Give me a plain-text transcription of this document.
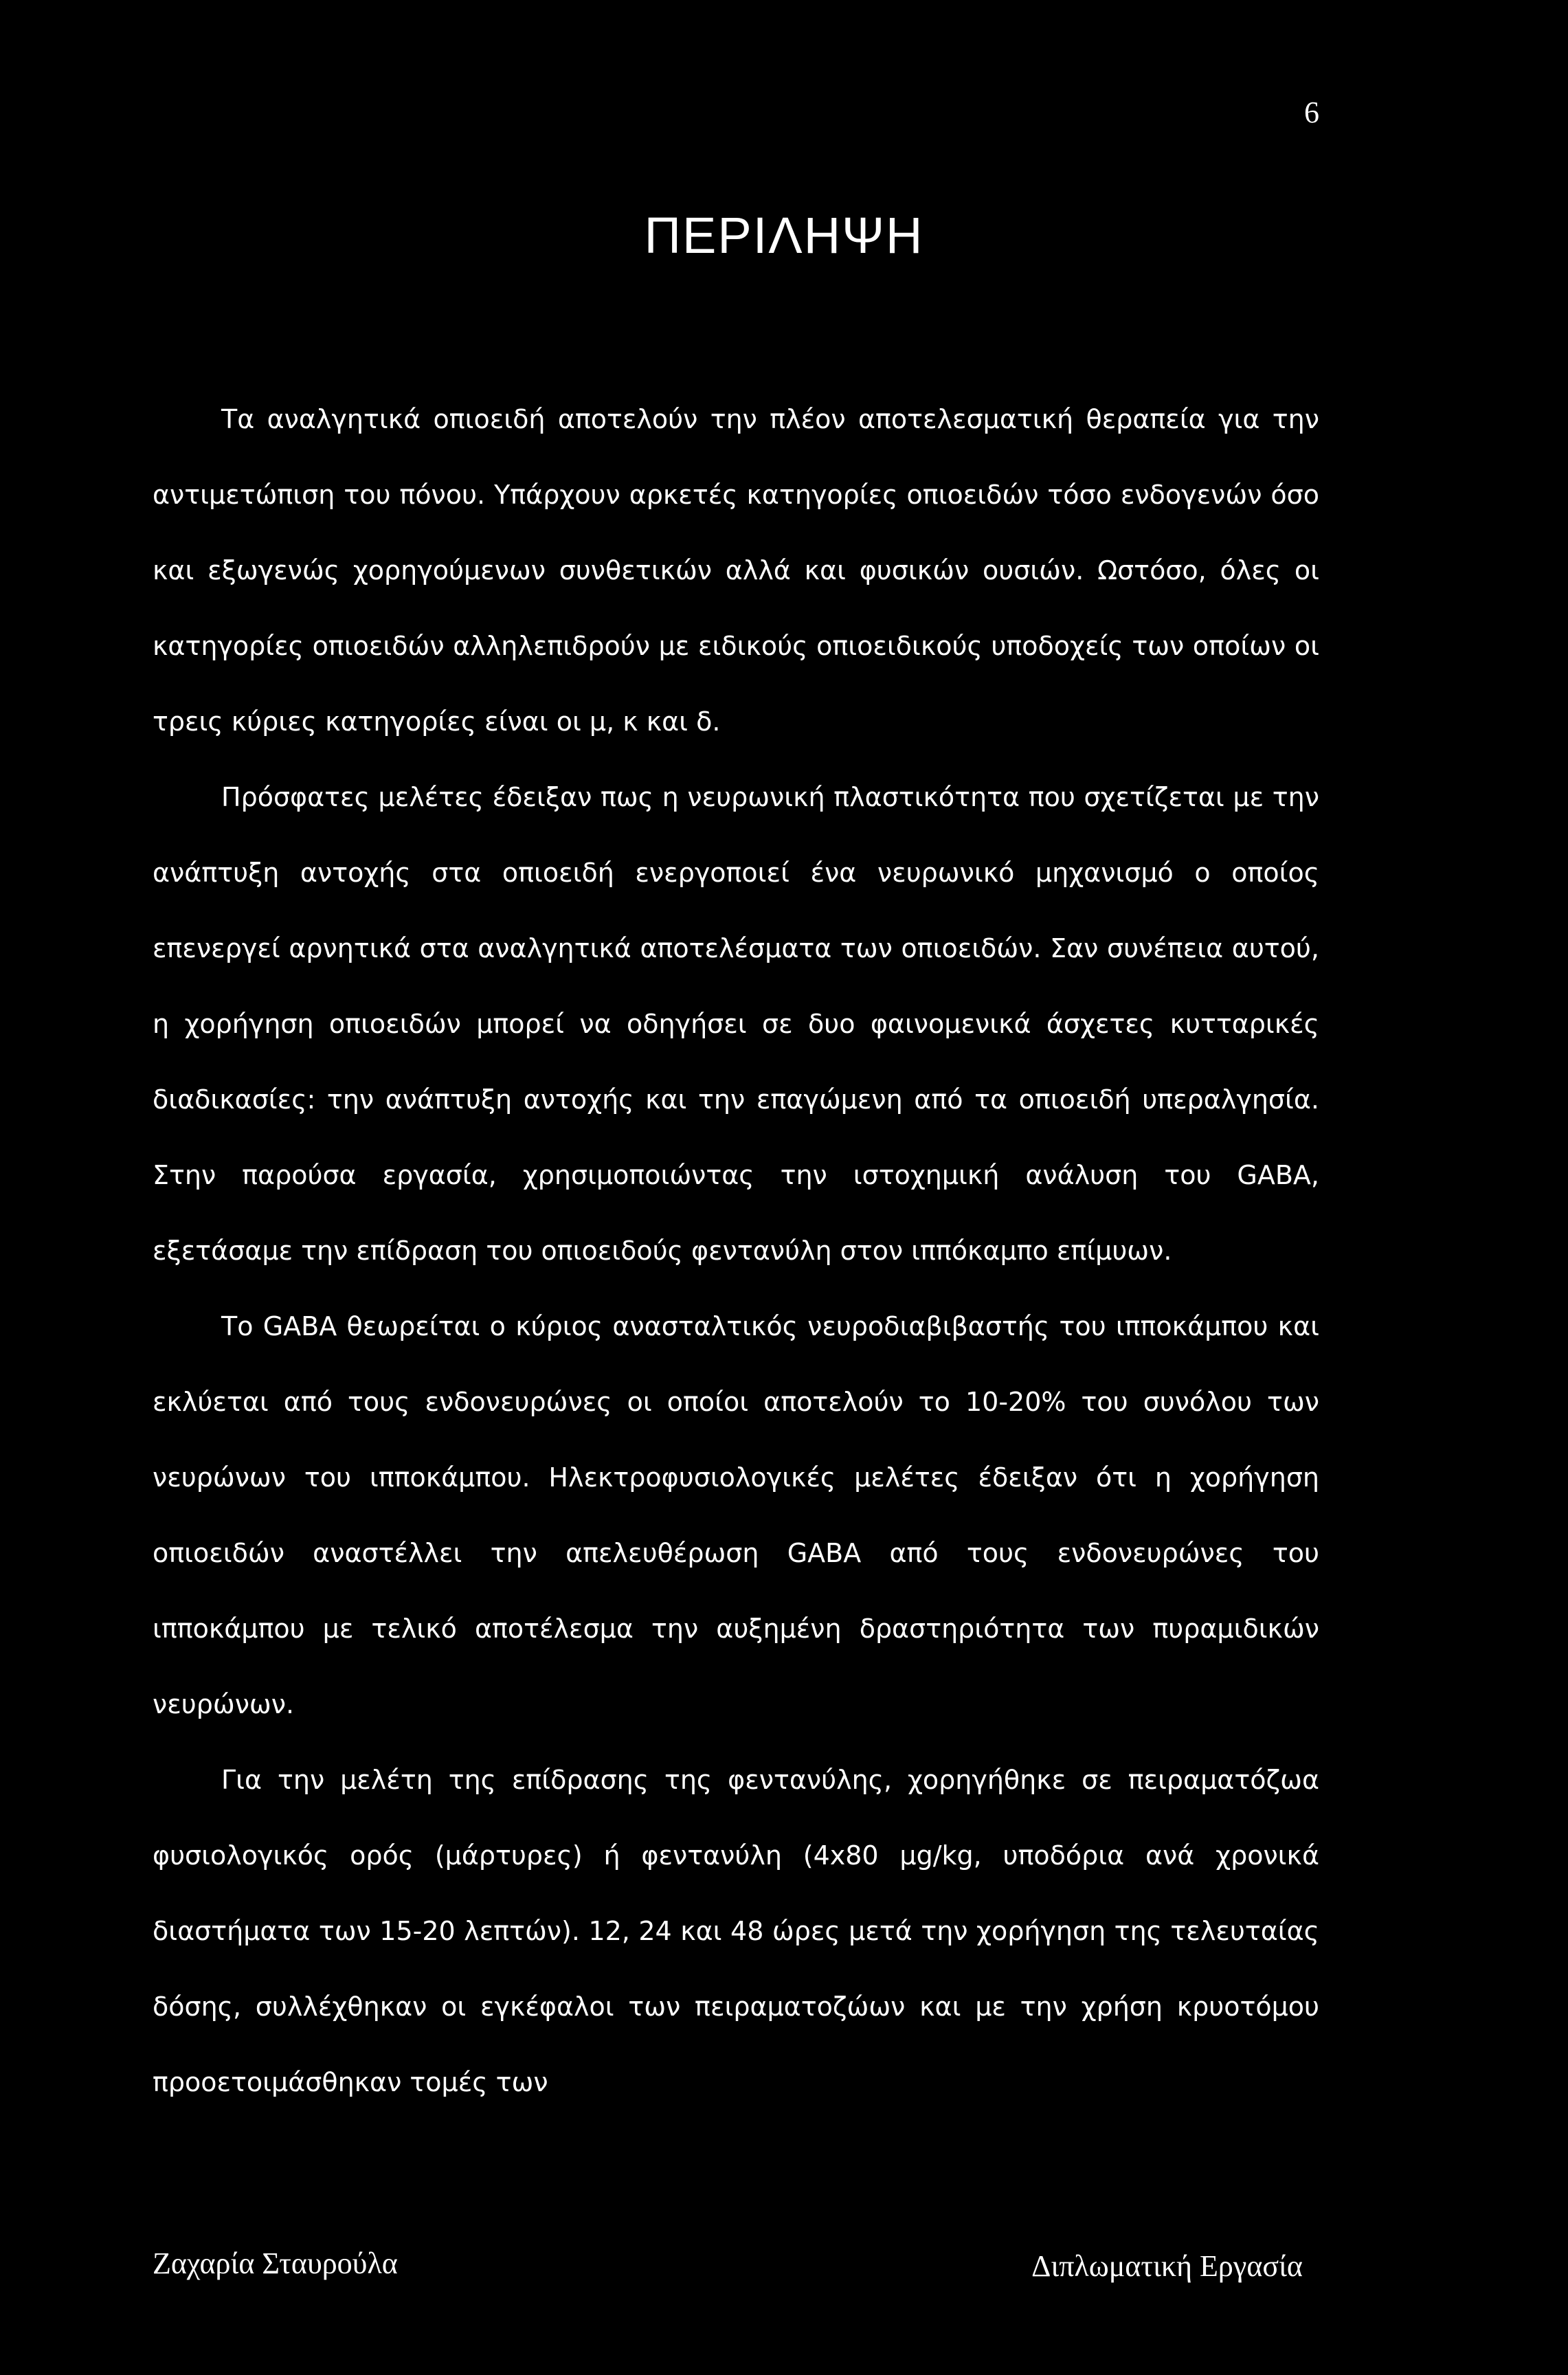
6
ΠΕΡΙΛΗΨΗ

Τα αναλγητικά οπιοειδή αποτελούν την πλέον αποτελεσματική θεραπεία για την αντιμετώπιση του πόνου. Υπάρχουν αρκετές κατηγορίες οπιοειδών τόσο ενδογενών όσο και εξωγενώς χορηγούμενων συνθετικών αλλά και φυσικών ουσιών. Ωστόσο, όλες οι κατηγορίες οπιοειδών αλληλεπιδρούν με ειδικούς οπιοειδικούς υποδοχείς των οποίων οι τρεις κύριες κατηγορίες είναι οι μ, κ και δ.

Πρόσφατες μελέτες έδειξαν πως η νευρωνική πλαστικότητα που σχετίζεται με την ανάπτυξη αντοχής στα οπιοειδή ενεργοποιεί ένα νευρωνικό μηχανισμό ο οποίος επενεργεί αρνητικά στα αναλγητικά αποτελέσματα των οπιοειδών. Σαν συνέπεια αυτού, η χορήγηση οπιοειδών μπορεί να οδηγήσει σε δυο φαινομενικά άσχετες κυτταρικές διαδικασίες: την ανάπτυξη αντοχής και την επαγώμενη από τα οπιοειδή υπεραλγησία. Στην παρούσα εργασία, χρησιμοποιώντας την ιστοχημική ανάλυση του GABA, εξετάσαμε την επίδραση του οπιοειδούς φεντανύλη στον ιππόκαμπο επίμυων.

Το GABA θεωρείται ο κύριος ανασταλτικός νευροδιαβιβαστής του ιπποκάμπου και εκλύεται από τους ενδονευρώνες οι οποίοι αποτελούν το 10-20% του συνόλου των νευρώνων του ιπποκάμπου. Ηλεκτροφυσιολογικές μελέτες έδειξαν ότι η χορήγηση οπιοειδών αναστέλλει την απελευθέρωση GABA από τους ενδονευρώνες του ιπποκάμπου με τελικό αποτέλεσμα την αυξημένη δραστηριότητα των πυραμιδικών νευρώνων.

Για την μελέτη της επίδρασης της φεντανύλης, χορηγήθηκε σε πειραματόζωα φυσιολογικός ορός (μάρτυρες) ή φεντανύλη (4x80 μg/kg, υποδόρια ανά χρονικά διαστήματα των 15-20 λεπτών). 12, 24 και 48 ώρες μετά την χορήγηση της τελευταίας δόσης, συλλέχθηκαν οι εγκέφαλοι των πειραματοζώων και με την χρήση κρυοτόμου προοετοιμάσθηκαν τομές των

Ζαχαρία Σταυρούλα	Διπλωματική Εργασία
